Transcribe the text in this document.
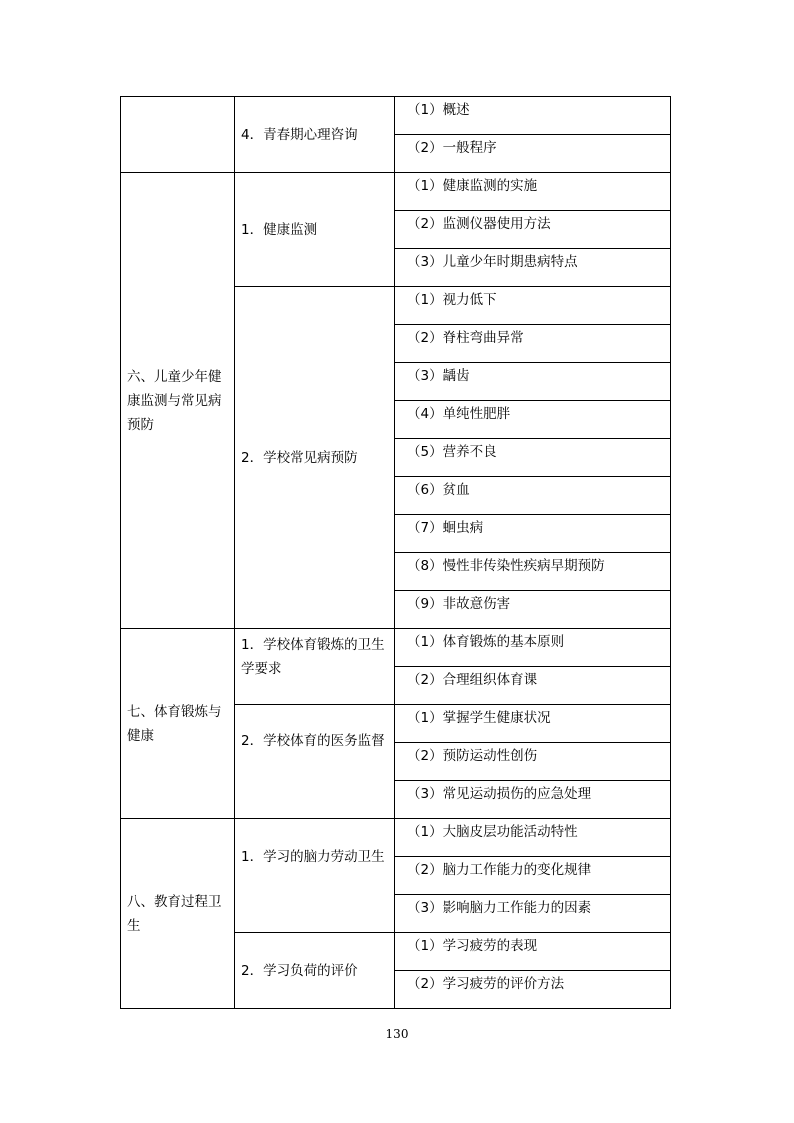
	4．青春期心理咨询	（1）概述
		（2）一般程序

六、儿童少年健康监测与常见病预防	1．健康监测	（1）健康监测的实施
		（2）监测仪器使用方法
		（3）儿童少年时期患病特点

	2．学校常见病预防	（1）视力低下
		（2）脊柱弯曲异常
		（3）龋齿
		（4）单纯性肥胖
		（5）营养不良
		（6）贫血
		（7）蛔虫病
		（8）慢性非传染性疾病早期预防
		（9）非故意伤害

七、体育锻炼与健康	1．学校体育锻炼的卫生学要求	（1）体育锻炼的基本原则
		（2）合理组织体育课

	2．学校体育的医务监督	（1）掌握学生健康状况
		（2）预防运动性创伤
		（3）常见运动损伤的应急处理

八、教育过程卫生	1．学习的脑力劳动卫生	（1）大脑皮层功能活动特性
		（2）脑力工作能力的变化规律
		（3）影响脑力工作能力的因素

	2．学习负荷的评价	（1）学习疲劳的表现
		（2）学习疲劳的评价方法
130
